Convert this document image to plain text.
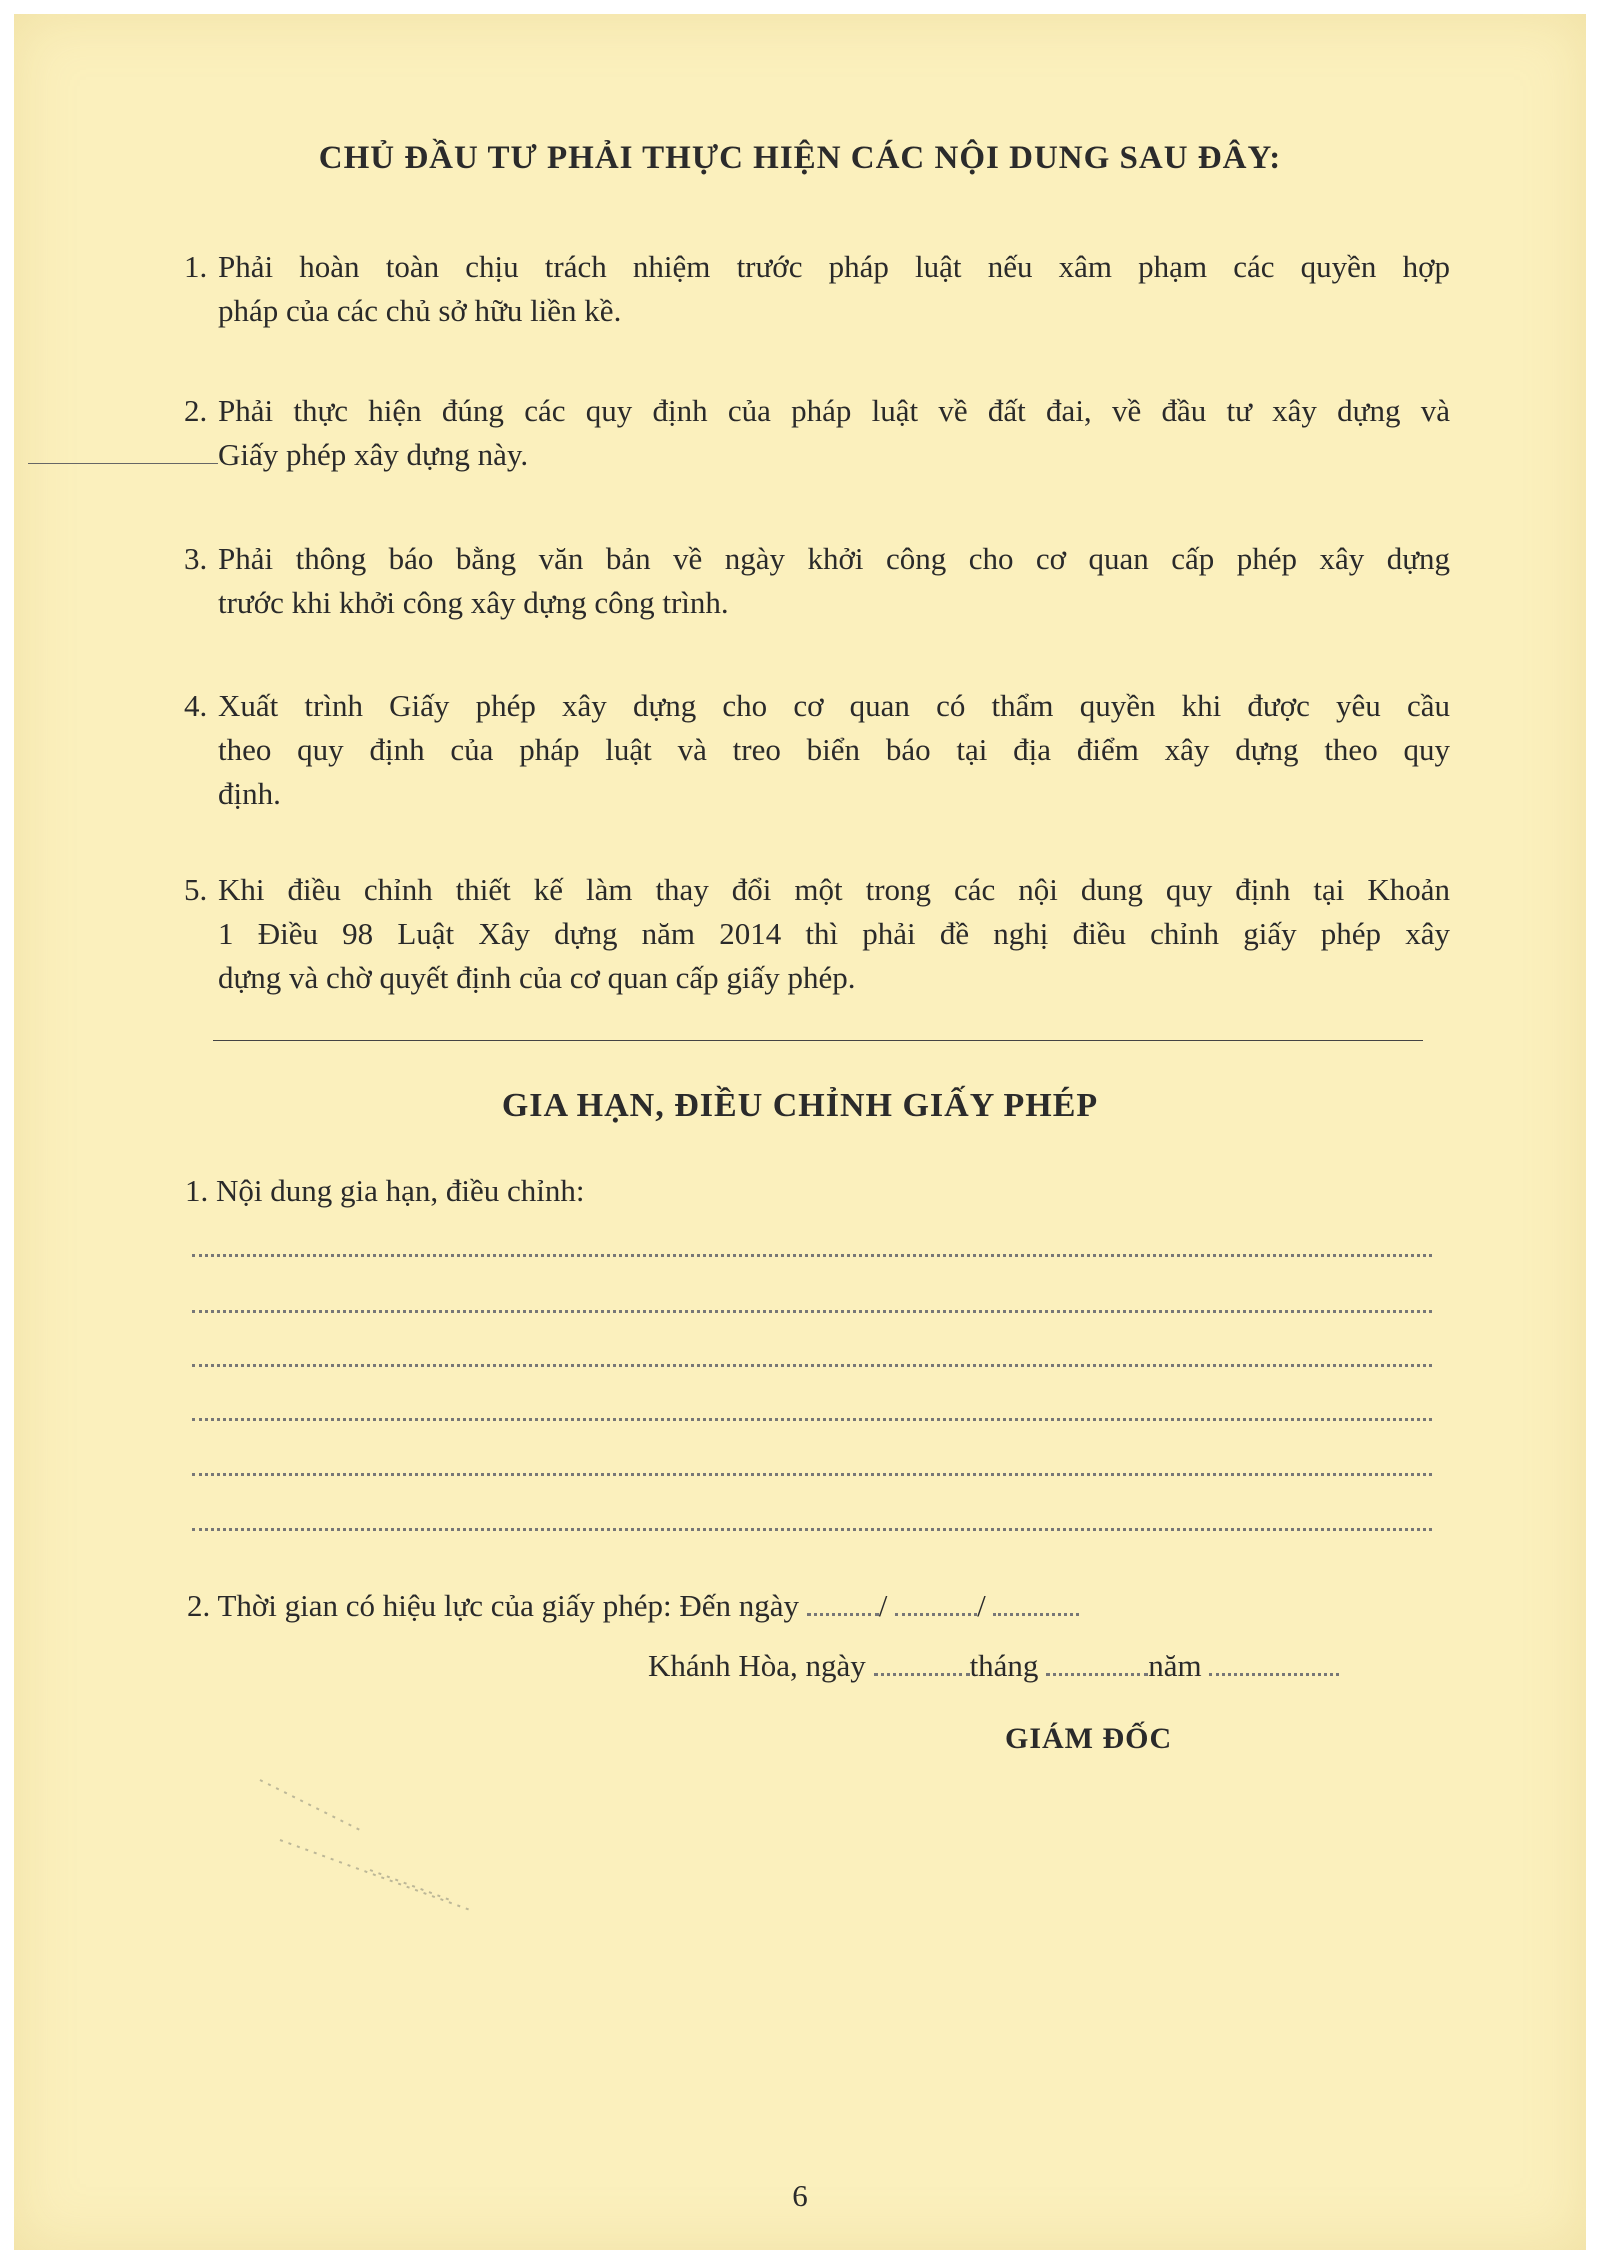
CHỦ ĐẦU TƯ PHẢI THỰC HIỆN CÁC NỘI DUNG SAU ĐÂY:
1. Phải hoàn toàn chịu trách nhiệm trước pháp luật nếu xâm phạm các quyền hợp
pháp của các chủ sở hữu liền kề.
2. Phải thực hiện đúng các quy định của pháp luật về đất đai, về đầu tư xây dựng và
Giấy phép xây dựng này.
3. Phải thông báo bằng văn bản về ngày khởi công cho cơ quan cấp phép xây dựng
trước khi khởi công xây dựng công trình.
4. Xuất trình Giấy phép xây dựng cho cơ quan có thẩm quyền khi được yêu cầu
theo quy định của pháp luật và treo biển báo tại địa điểm xây dựng theo quy
định.
5. Khi điều chỉnh thiết kế làm thay đổi một trong các nội dung quy định tại Khoản
1 Điều 98 Luật Xây dựng năm 2014 thì phải đề nghị điều chỉnh giấy phép xây
dựng và chờ quyết định của cơ quan cấp giấy phép.
GIA HẠN, ĐIỀU CHỈNH GIẤY PHÉP
1. Nội dung gia hạn, điều chỉnh:
2. Thời gian có hiệu lực của giấy phép: Đến ngày	/	/
Khánh Hòa, ngày	tháng	năm
GIÁM ĐỐC
6
